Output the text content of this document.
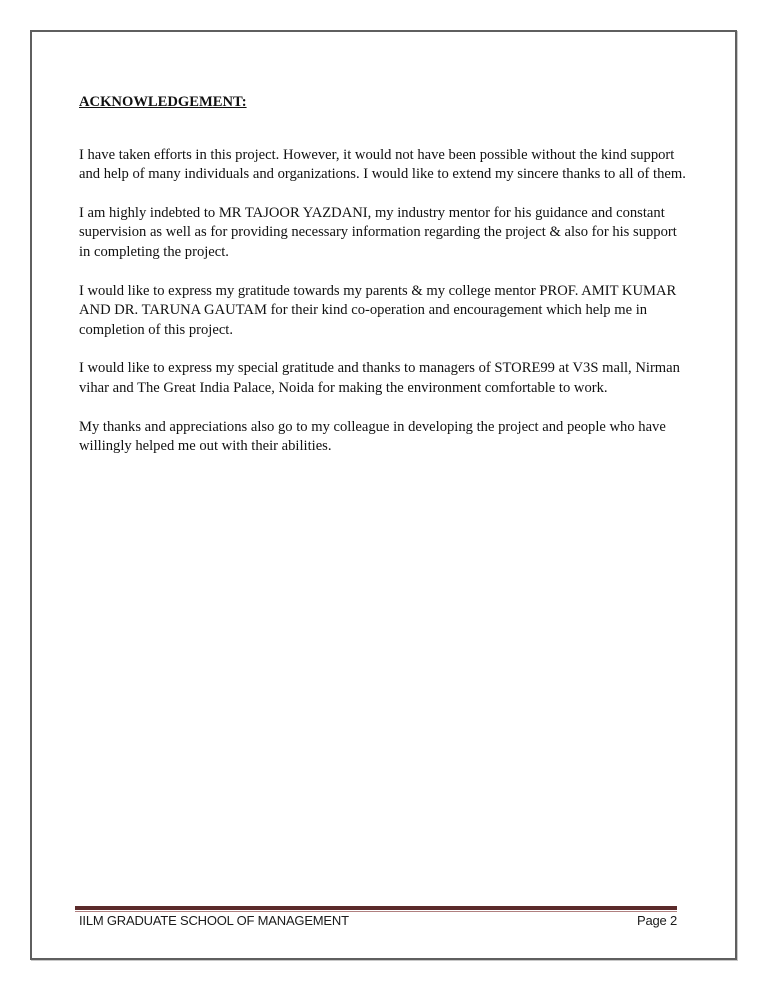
ACKNOWLEDGEMENT:

I have taken efforts in this project. However, it would not have been possible without the kind support and help of many individuals and organizations. I would like to extend my sincere thanks to all of them.

I am highly indebted to MR TAJOOR YAZDANI, my industry mentor for his guidance and constant supervision as well as for providing necessary information regarding the project & also for his support in completing the project.

I would like to express my gratitude towards my parents & my college mentor PROF. AMIT KUMAR AND DR. TARUNA GAUTAM for their kind co-operation and encouragement which help me in completion of this project.

I would like to express my special gratitude and thanks to managers of STORE99 at V3S mall, Nirman vihar and The Great India Palace, Noida for making the environment comfortable to work.

My thanks and appreciations also go to my colleague in developing the project and people who have willingly helped me out with their abilities.

IILM GRADUATE SCHOOL OF MANAGEMENT	Page 2
